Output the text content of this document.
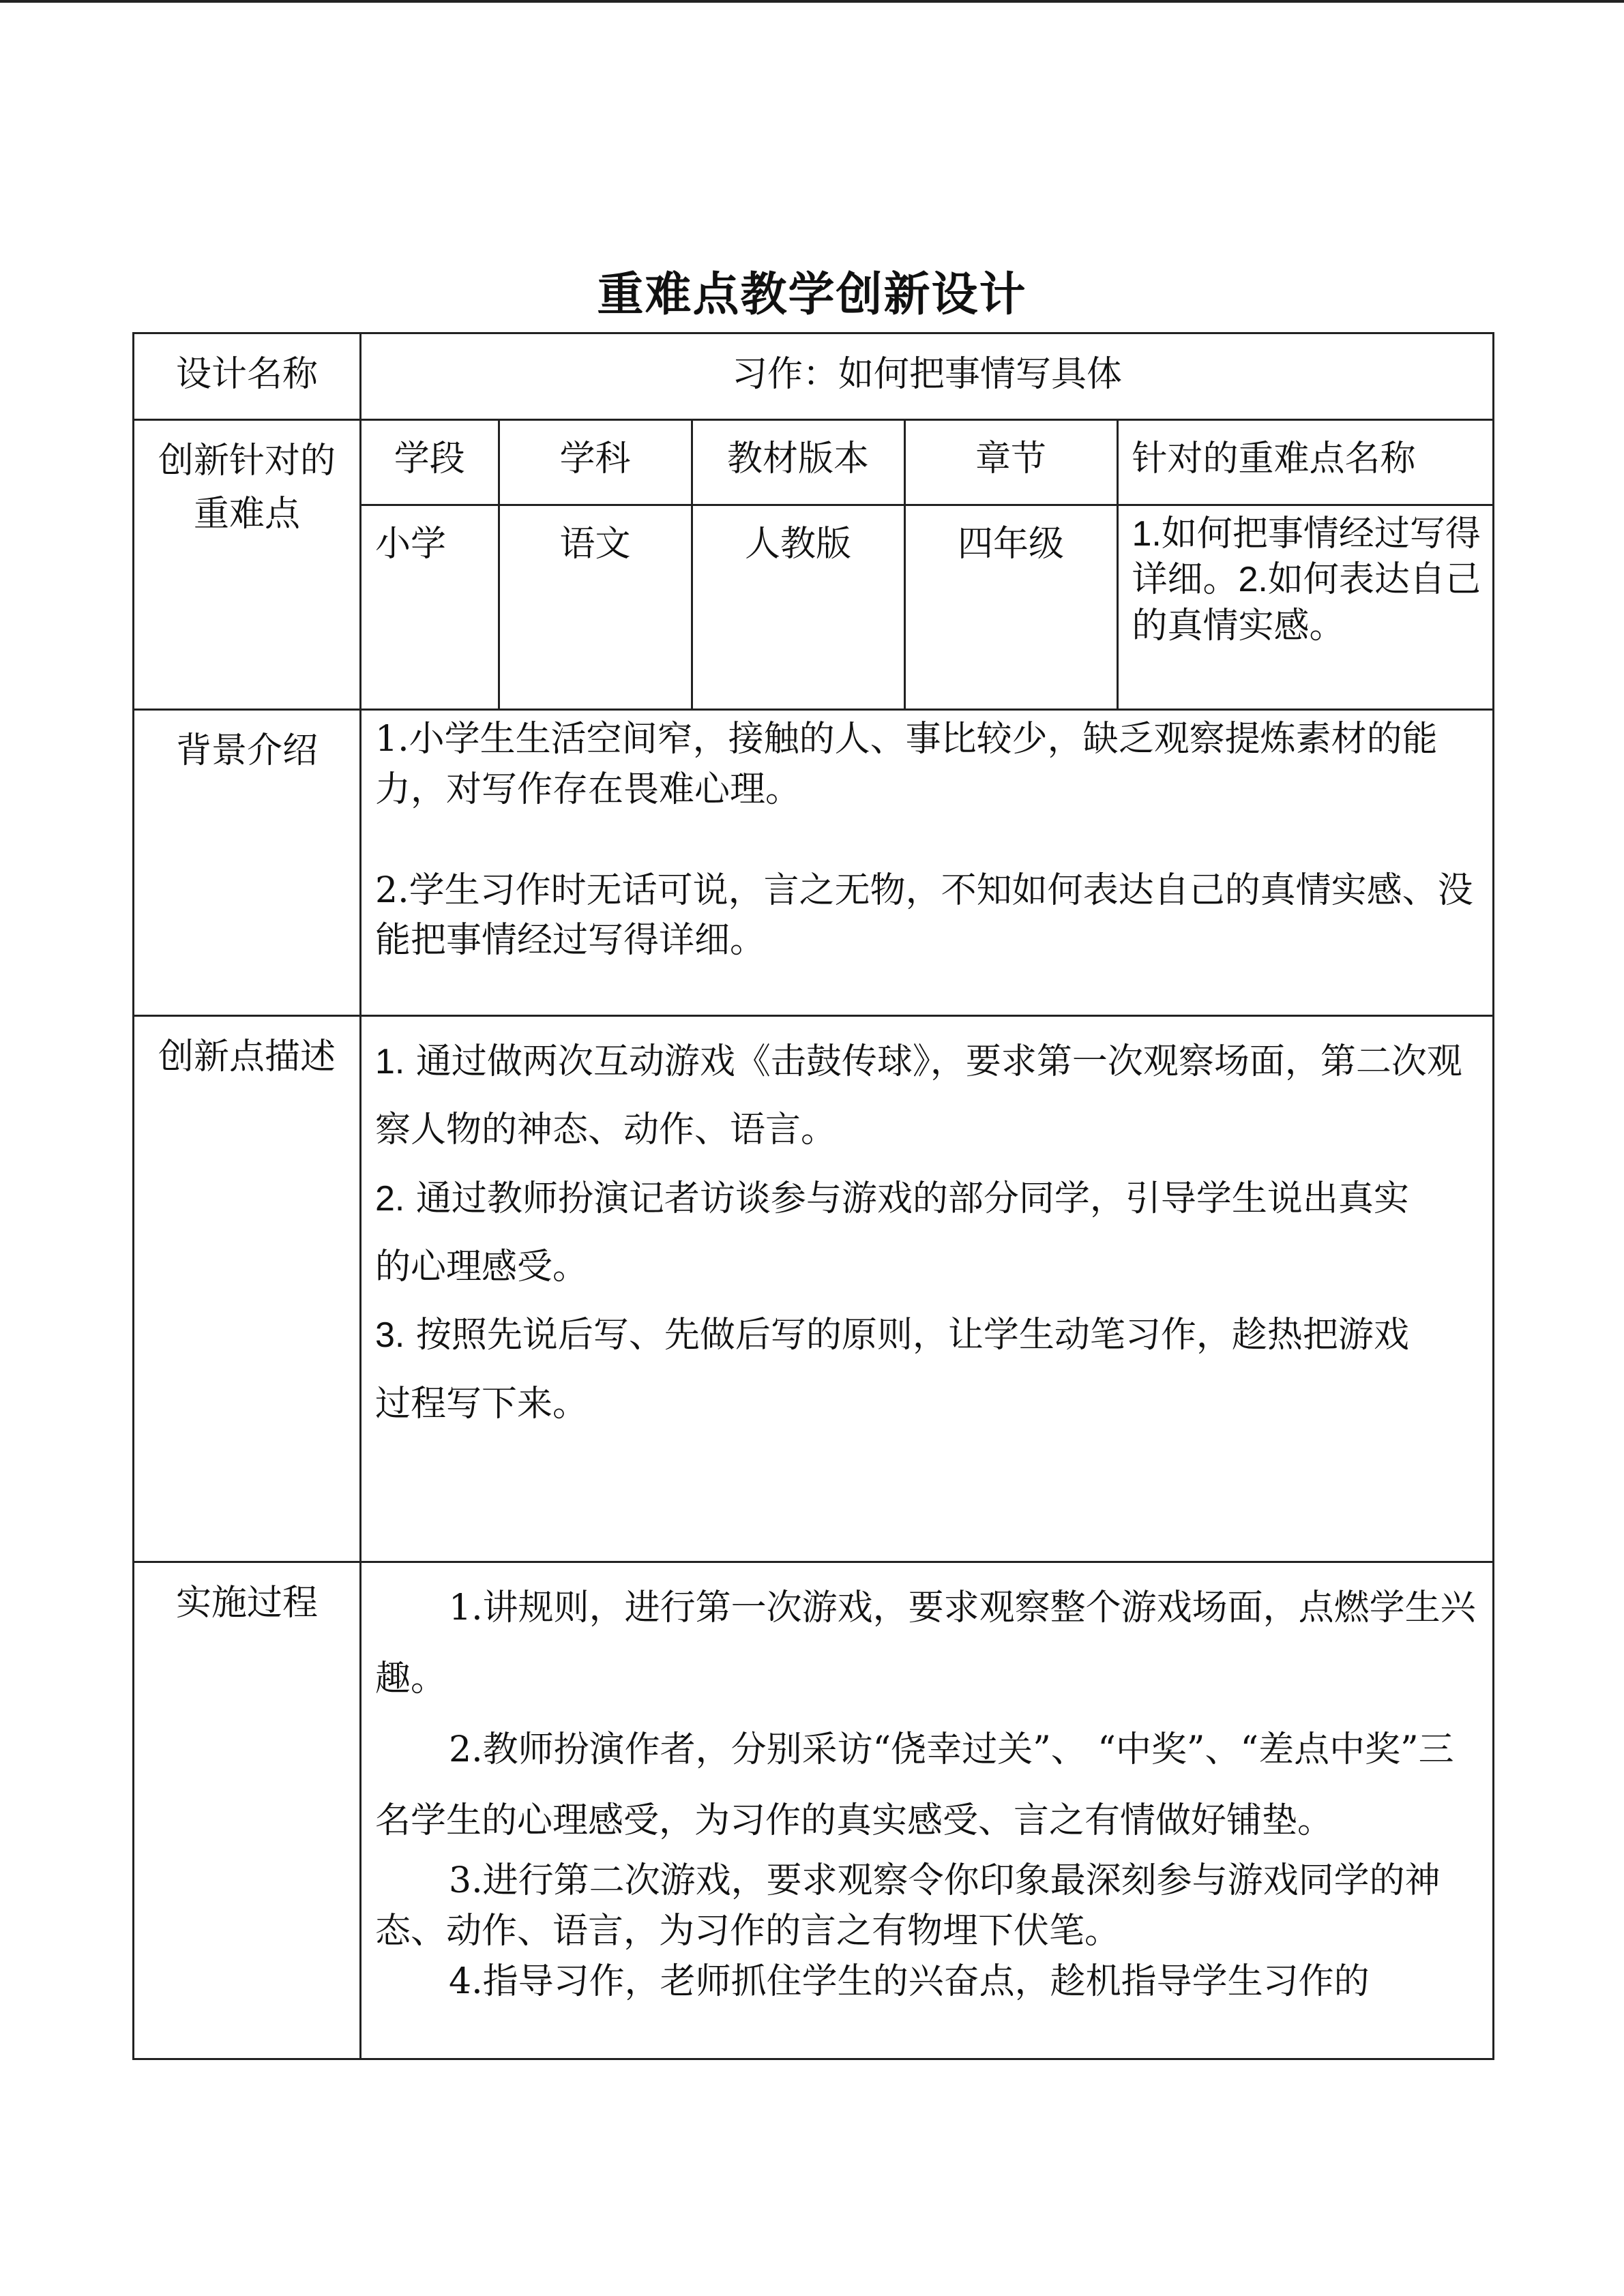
重难点教学创新设计
设计名称	习作：如何把事情写具体

创新针对的重难点

学段	学科	教材版本	章节	针对的重难点名称
小学	语文	人教版	四年级	1.如何把事情经过写得详细。2.如何表达自己的真情实感。

背景介绍	1.小学生生活空间窄，接触的人、事比较少，缺乏观察提炼素材的能力，对写作存在畏难心理。

2.学生习作时无话可说，言之无物，不知如何表达自己的真情实感、没能把事情经过写得详细。

创新点描述	1. 通过做两次互动游戏《击鼓传球》，要求第一次观察场面，第二次观察人物的神态、动作、语言。
2. 通过教师扮演记者访谈参与游戏的部分同学，引导学生说出真实
的心理感受。
3. 按照先说后写、先做后写的原则，让学生动笔习作，趁热把游戏
过程写下来。

实施过程	1.讲规则，进行第一次游戏，要求观察整个游戏场面，点燃学生兴趣。

2.教师扮演作者，分别采访“侥幸过关”、 “中奖”、“差点中奖”三名学生的心理感受，为习作的真实感受、言之有情做好铺垫。

3.进行第二次游戏，要求观察令你印象最深刻参与游戏同学的神态、动作、语言，为习作的言之有物埋下伏笔。

4.指导习作，老师抓住学生的兴奋点，趁机指导学生习作的
